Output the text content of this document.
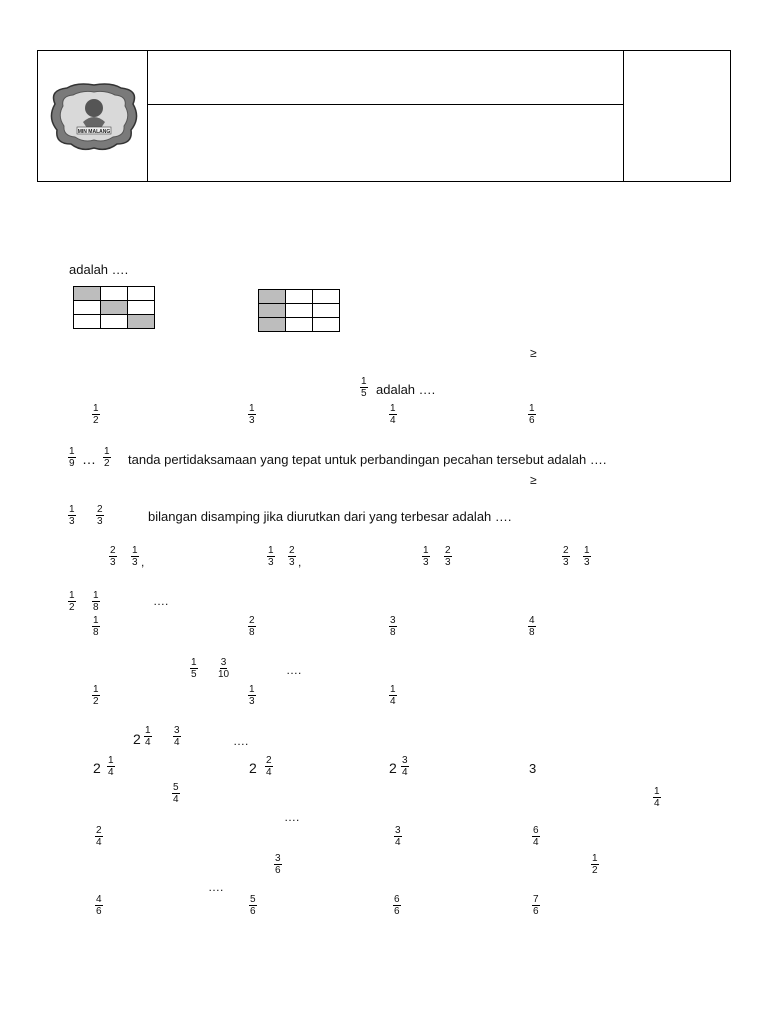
MIN MALANG
adalah ….

≥
$\frac{1}{5}$ adalah ….
$\frac{1}{2}$	$\frac{1}{3}$	$\frac{1}{4}$	$\frac{1}{6}$
$\frac{1}{9}$ … $\frac{1}{2}$ tanda pertidaksamaan yang tepat untuk perbandingan pecahan tersebut adalah ….
≥
$\frac{1}{3} \frac{2}{3}$	bilangan disamping jika diurutkan dari yang terbesar adalah ….
$\frac{2}{3} \frac{1}{3}$ ,	$\frac{1}{3} \frac{2}{3}$ ,	$\frac{1}{3} \frac{2}{3}$	$\frac{2}{3} \frac{1}{3}$
$\frac{1}{2} \frac{1}{8}$	….
$\frac{1}{8}$	$\frac{2}{8}$	$\frac{3}{8}$	$\frac{4}{8}$
$\frac{1}{5} \frac{3}{10}$	….
$\frac{1}{2}$	$\frac{1}{3}$	$\frac{1}{4}$
$2 \frac{1}{4} \frac{3}{4}$	….
$2 \frac{1}{4}$	$2 \frac{2}{4}$	$2 \frac{3}{4}$	3
$\frac{5}{4}$	$\frac{1}{4}$
….
$\frac{2}{4}$	$\frac{3}{4}$	$\frac{6}{4}$
$\frac{3}{6}$	$\frac{1}{2}$
….
$\frac{4}{6}$	$\frac{5}{6}$	$\frac{6}{6}$	$\frac{7}{6}$
